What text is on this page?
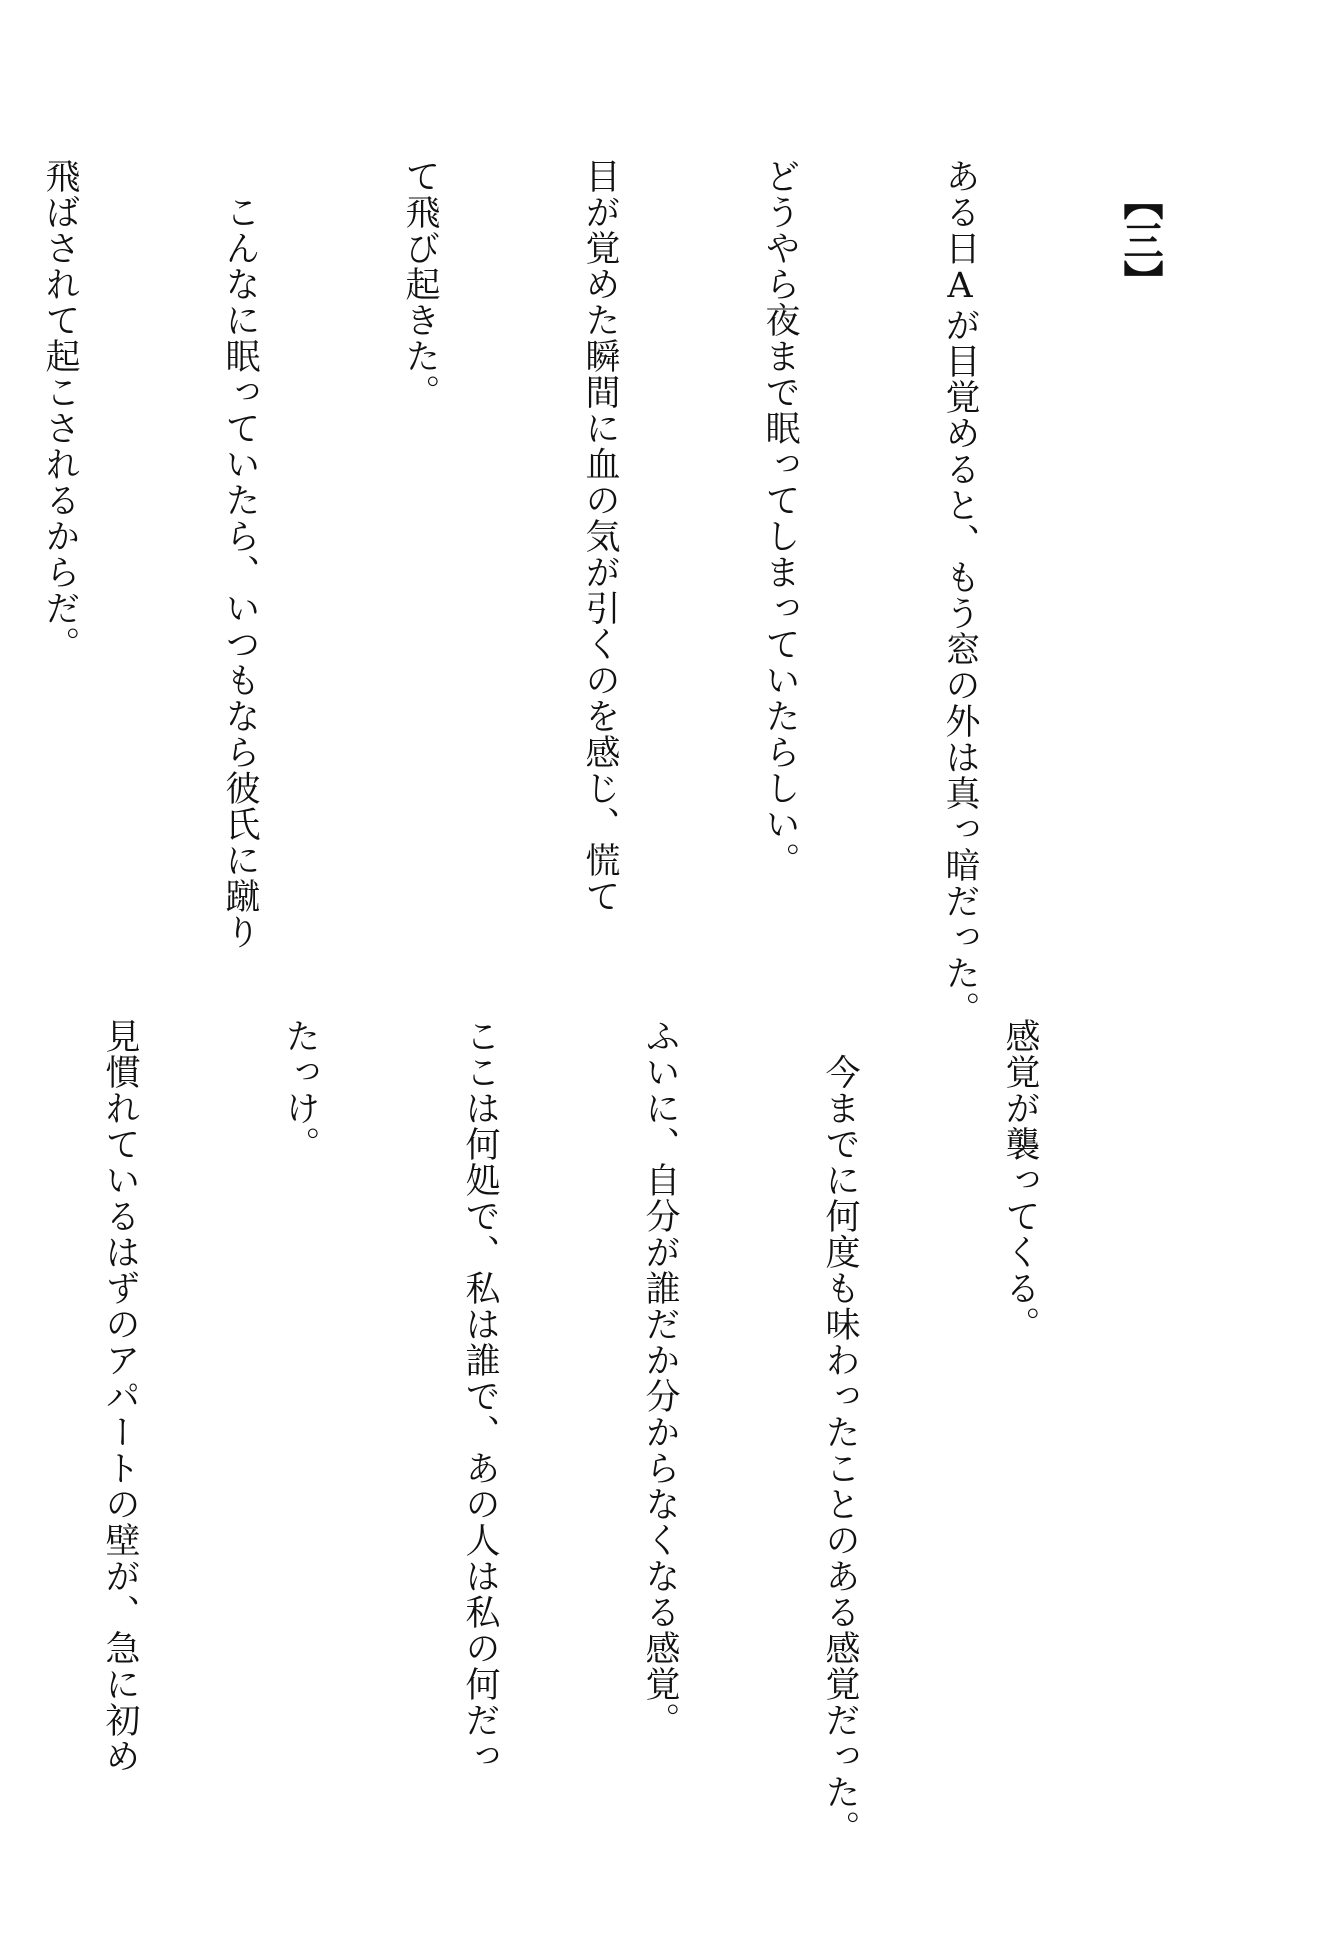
【三】

ある日Aが目覚めると、もう窓の外は真っ暗だった。

どうやら夜まで眠ってしまっていたらしい。

目が覚めた瞬間に血の気が引くのを感じ、慌て

て飛び起きた。

　こんなに眠っていたら、いつもなら彼氏に蹴り

飛ばされて起こされるからだ。

感覚が襲ってくる。

　今までに何度も味わったことのある感覚だった。

ふいに、自分が誰だか分からなくなる感覚。

ここは何処で、私は誰で、あの人は私の何だっ

たっけ。

見慣れているはずのアパートの壁が、急に初め
